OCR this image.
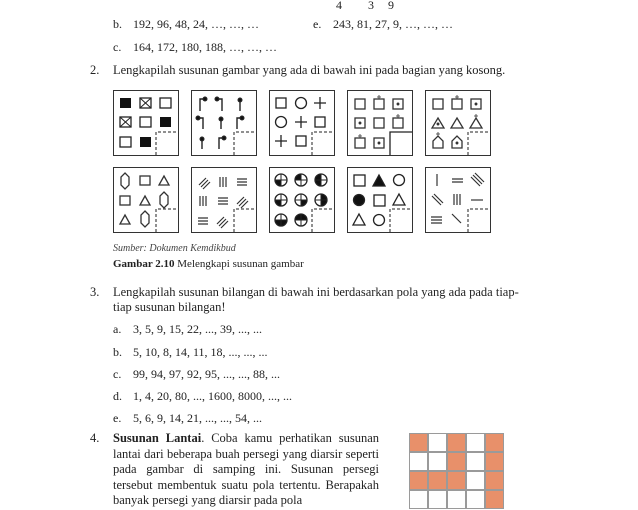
4 3 9
b. 192, 96, 48, 24, …, …, …	e. 243, 81, 27, 9, …, …, …
c. 164, 172, 180, 188, …, …, …
2. Lengkapilah susunan gambar yang ada di bawah ini pada bagian yang kosong.
Sumber: Dokumen Kemdikbud
Gambar 2.10 Melengkapi susunan gambar
3. Lengkapilah susunan bilangan di bawah ini berdasarkan pola yang ada pada tiap-
tiap susunan bilangan!
a. 3, 5, 9, 15, 22, ..., 39, ..., ...
b. 5, 10, 8, 14, 11, 18, ..., ..., ...
c. 99, 94, 97, 92, 95, ..., ..., 88, ...
d. 1, 4, 20, 80, ..., 1600, 8000, ..., ...
e. 5, 6, 9, 14, 21, ..., ..., 54, ...
4. Susunan Lantai. Coba kamu perhatikan susunan lantai dari beberapa buah persegi yang diarsir seperti pada gambar di samping ini. Susunan persegi tersebut membentuk suatu pola tertentu. Berapakah banyak persegi yang diarsir pada pola
